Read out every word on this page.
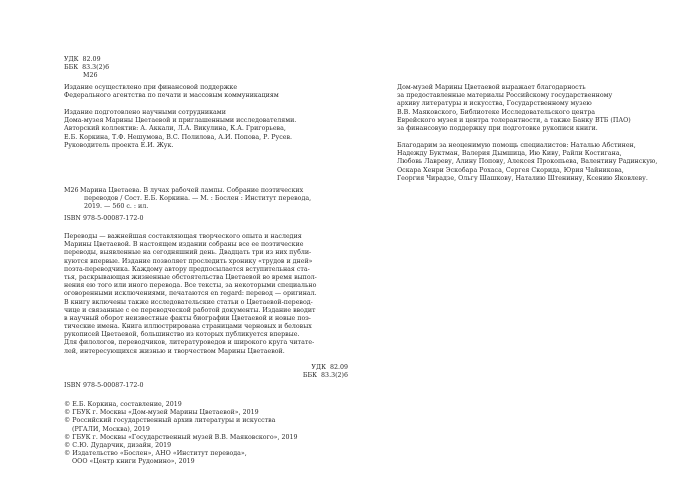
УДК  82.09
ББК  83.3(2)6
М26
Издание осуществлено при финансовой поддержке
Федерального агентства по печати и массовым коммуникациям
Издание подготовлено научными сотрудниками
Дома-музея Марины Цветаевой и приглашенными исследователями.
Авторский коллектив: А. Аккали, Л.А. Викулина, К.А. Григорьева,
Е.Б. Коркина, Т.Ф. Нешумова, В.С. Полилова, А.И. Попова, Р. Русев.
Руководитель проекта Е.И. Жук.
М26 Марина Цветаева. В лучах рабочей лампы. Собрание поэтических
переводов / Сост. Е.Б. Коркина. — М. : Бослен : Институт перевода,
2019. — 560 с. : ил.
ISBN 978-5-00087-172-0
Переводы — важнейшая составляющая творческого опыта и наследия
Марины Цветаевой. В настоящем издании собраны все ее поэтические
переводы, выявленные на сегодняшний день. Двадцать три из них публи-
куются впервые. Издание позволяет проследить хронику «трудов и дней»
поэта-переводчика. Каждому автору предпосылается вступительная ста-
тья, раскрывающая жизненные обстоятельства Цветаевой во время выпол-
нения ею того или иного перевода. Все тексты, за некоторыми специально
оговоренными исключениями, печатаются en regard: перевод — оригинал.
В книгу включены также исследовательские статьи о Цветаевой-перевод-
чице и связанные с ее переводческой работой документы. Издание вводит
в научный оборот неизвестные факты биографии Цветаевой и новые поэ-
тические имена. Книга иллюстрирована страницами черновых и беловых
рукописей Цветаевой, большинство из которых публикуется впервые.
Для филологов, переводчиков, литературоведов и широкого круга читате-
лей, интересующихся жизнью и творчеством Марины Цветаевой.
УДК  82.09
ББК  83.3(2)6
ISBN 978-5-00087-172-0
© Е.Б. Коркина, составление, 2019
© ГБУК г. Москвы «Дом-музей Марины Цветаевой», 2019
© Российский государственный архив литературы и искусства
(РГАЛИ, Москва), 2019
© ГБУК г. Москвы «Государственный музей В.В. Маяковского», 2019
© С.Ю. Дударчик, дизайн, 2019
© Издательство «Бослен», АНО «Институт перевода»,
ООО «Центр книги Рудомино», 2019
Дом-музей Марины Цветаевой выражает благодарность
за предоставленные материалы Российскому государственному
архиву литературы и искусства, Государственному музею
В.В. Маяковского, Библиотеке Исследовательского центра
Еврейского музея и центра толерантности, а также Банку ВТБ (ПАО)
за финансовую поддержку при подготовке рукописи книги.
Благодарим за неоценимую помощь специалистов: Наталью Абстинен,
Надежду Буктман, Валерия Дымшица, Ию Киву, Райли Костигана,
Любовь Лавреву, Алину Попову, Алексея Прокопьева, Валентину Радинскую,
Оскара Хенри Эскобара Рохаса, Сергея Скорида, Юрия Чайникова,
Георгия Чирадзе, Ольгу Шашкову, Наталию Штенинну, Ксению Яковлеву.
